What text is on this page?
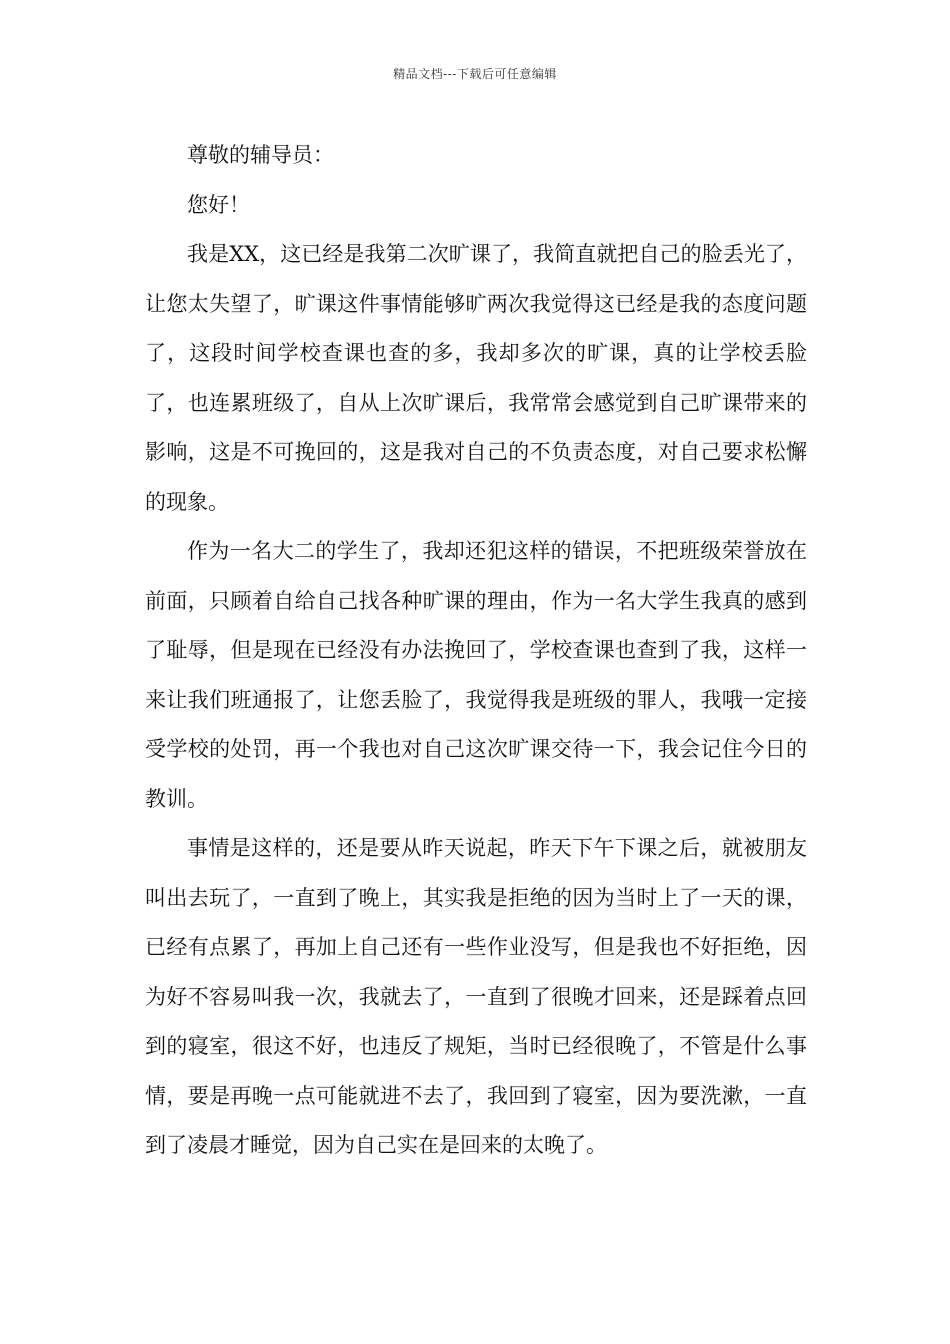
精品文档---下载后可任意编辑

尊敬的辅导员：

您好！

我是XX，这已经是我第二次旷课了，我简直就把自己的脸丢光了，让您太失望了，旷课这件事情能够旷两次我觉得这已经是我的态度问题了，这段时间学校查课也查的多，我却多次的旷课，真的让学校丢脸了，也连累班级了，自从上次旷课后，我常常会感觉到自己旷课带来的影响，这是不可挽回的，这是我对自己的不负责态度，对自己要求松懈的现象。

作为一名大二的学生了，我却还犯这样的错误，不把班级荣誉放在前面，只顾着自给自己找各种旷课的理由，作为一名大学生我真的感到了耻辱，但是现在已经没有办法挽回了，学校查课也查到了我，这样一来让我们班通报了，让您丢脸了，我觉得我是班级的罪人，我哦一定接受学校的处罚，再一个我也对自己这次旷课交待一下，我会记住今日的教训。

事情是这样的，还是要从昨天说起，昨天下午下课之后，就被朋友叫出去玩了，一直到了晚上，其实我是拒绝的因为当时上了一天的课，已经有点累了，再加上自己还有一些作业没写，但是我也不好拒绝，因为好不容易叫我一次，我就去了，一直到了很晚才回来，还是踩着点回到的寝室，很这不好，也违反了规矩，当时已经很晚了，不管是什么事情，要是再晚一点可能就进不去了，我回到了寝室，因为要洗漱，一直到了凌晨才睡觉，因为自己实在是回来的太晚了。
